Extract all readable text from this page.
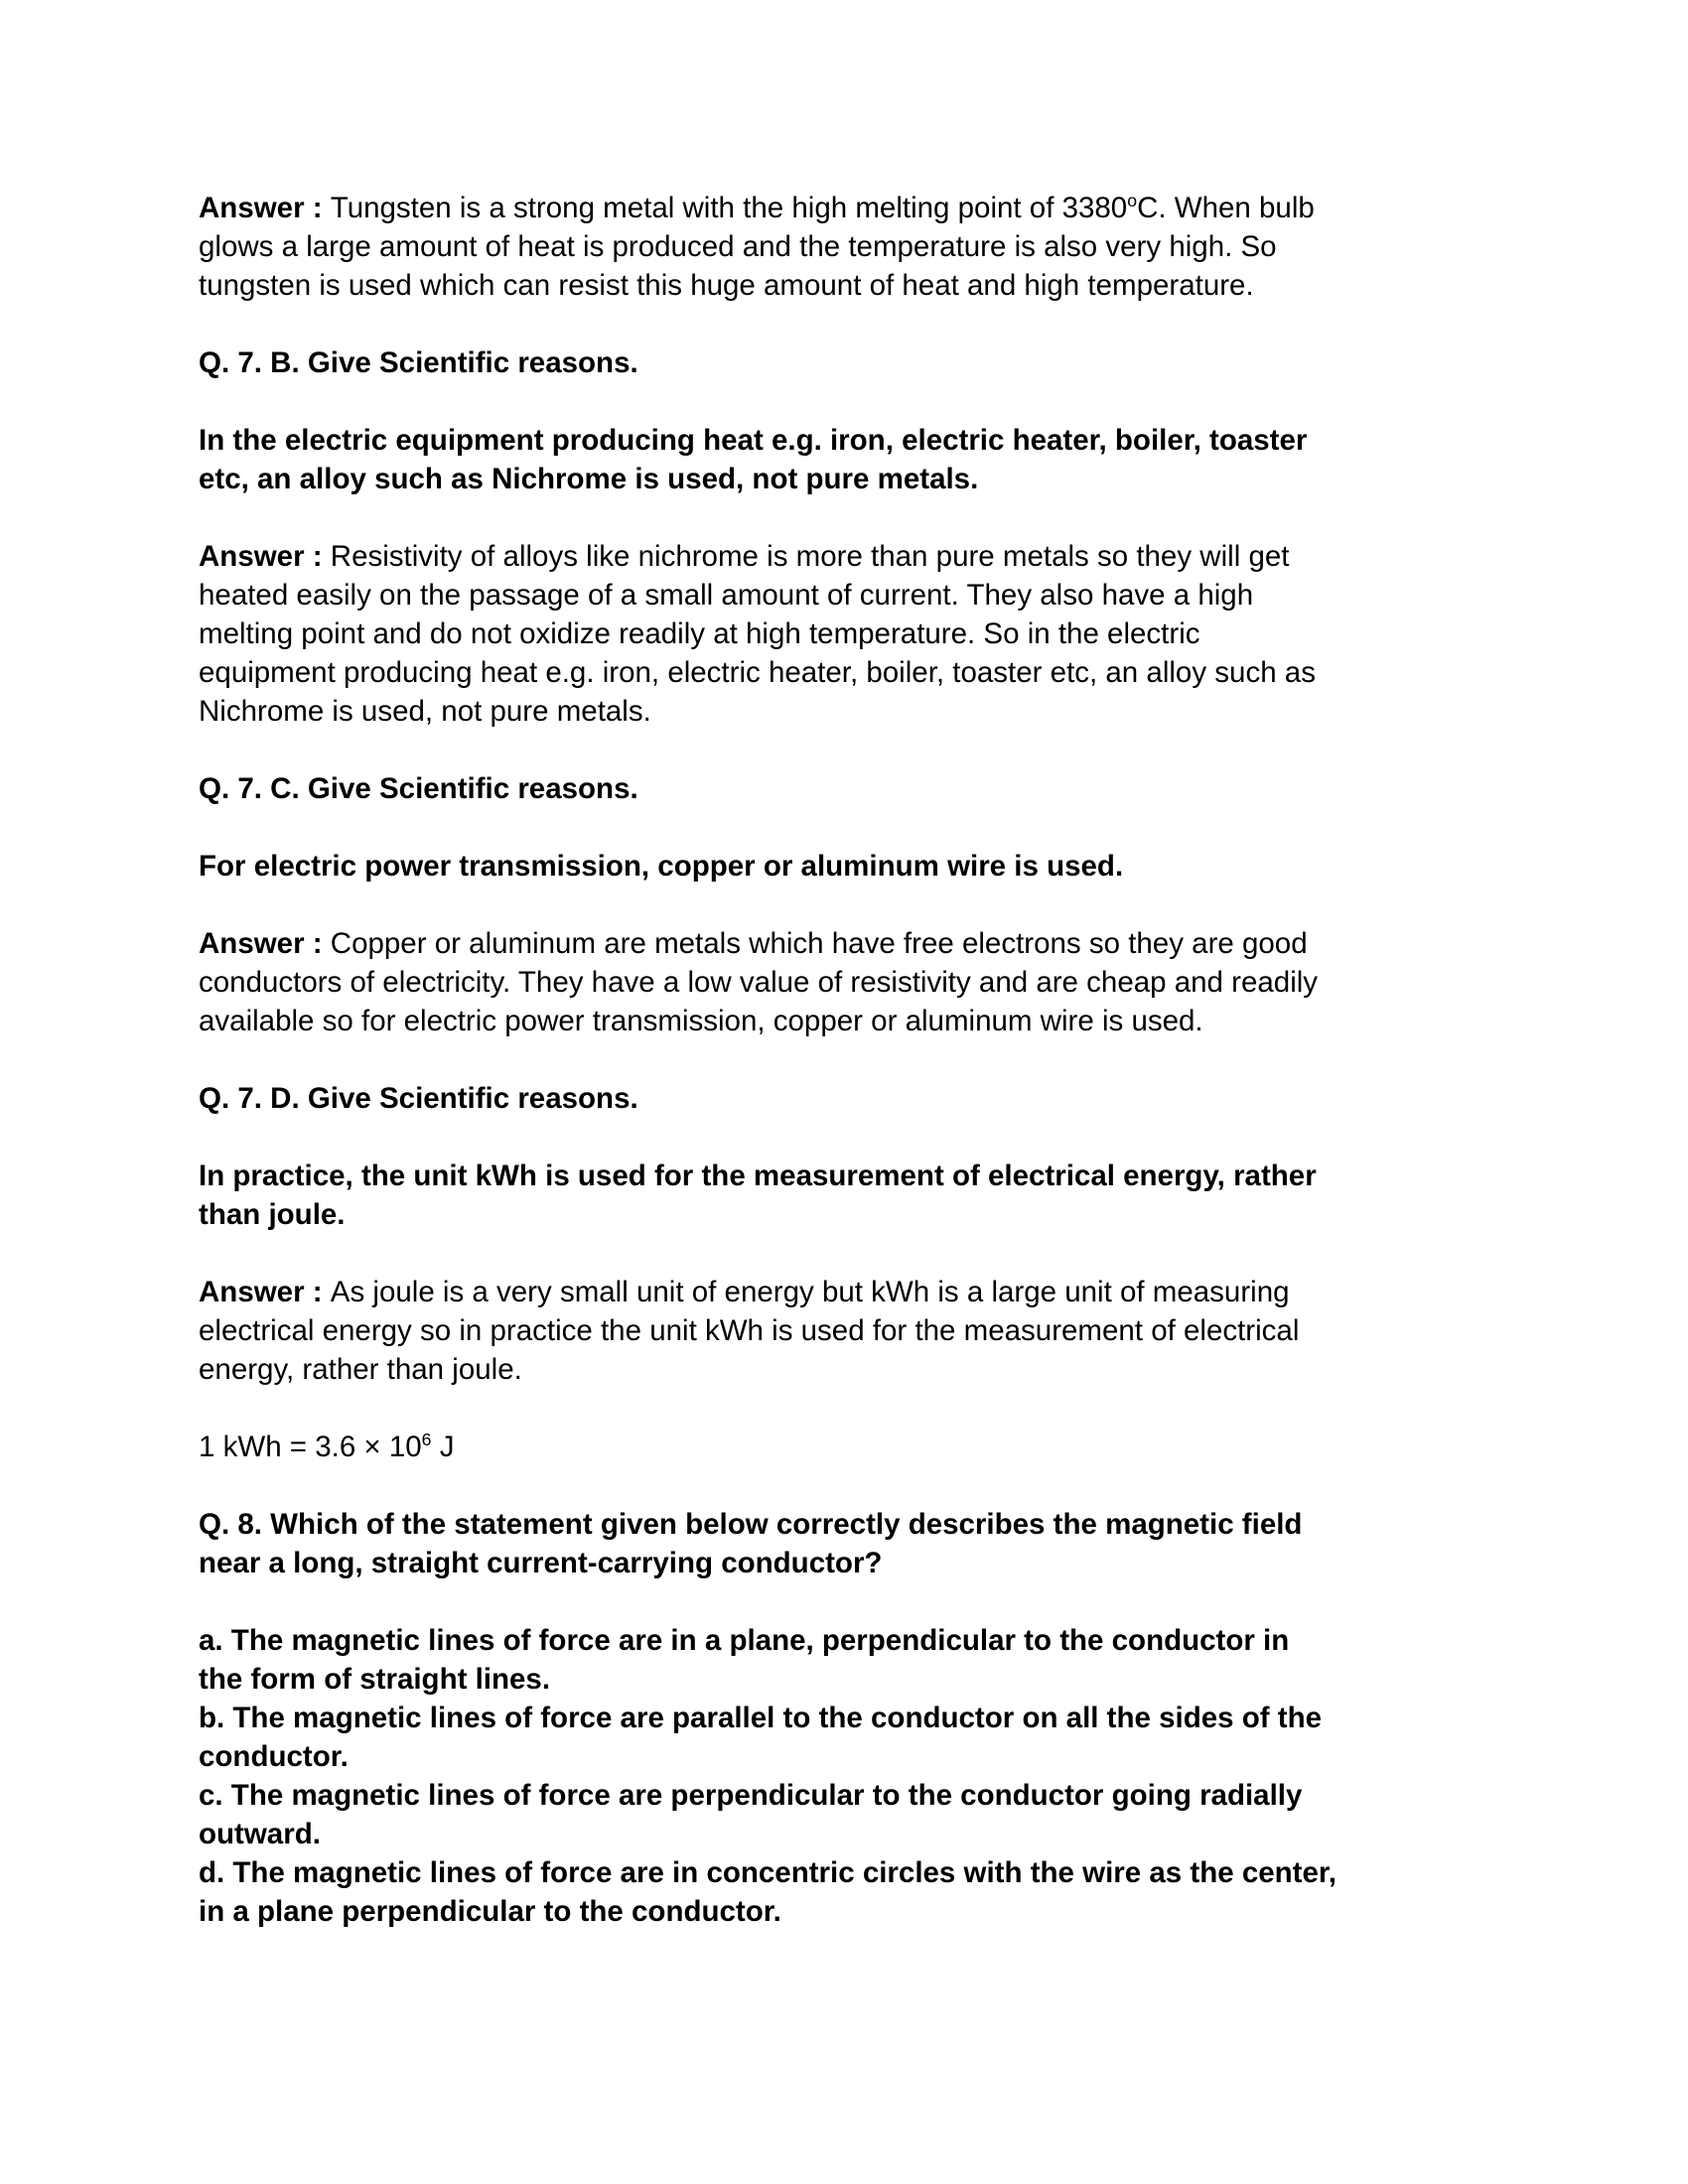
Answer : Tungsten is a strong metal with the high melting point of 3380$^o$C. When bulb
glows a large amount of heat is produced and the temperature is also very high. So
tungsten is used which can resist this huge amount of heat and high temperature.
Q. 7. B. Give Scientific reasons.
In the electric equipment producing heat e.g. iron, electric heater, boiler, toaster
etc, an alloy such as Nichrome is used, not pure metals.
Answer : Resistivity of alloys like nichrome is more than pure metals so they will get
heated easily on the passage of a small amount of current. They also have a high
melting point and do not oxidize readily at high temperature. So in the electric
equipment producing heat e.g. iron, electric heater, boiler, toaster etc, an alloy such as
Nichrome is used, not pure metals.
Q. 7. C. Give Scientific reasons.
For electric power transmission, copper or aluminum wire is used.
Answer : Copper or aluminum are metals which have free electrons so they are good
conductors of electricity. They have a low value of resistivity and are cheap and readily
available so for electric power transmission, copper or aluminum wire is used.
Q. 7. D. Give Scientific reasons.
In practice, the unit kWh is used for the measurement of electrical energy, rather
than joule.
Answer : As joule is a very small unit of energy but kWh is a large unit of measuring
electrical energy so in practice the unit kWh is used for the measurement of electrical
energy, rather than joule.
1 kWh = $3.6 \times 10^6$ J
Q. 8. Which of the statement given below correctly describes the magnetic field
near a long, straight current-carrying conductor?
a. The magnetic lines of force are in a plane, perpendicular to the conductor in
the form of straight lines.
b. The magnetic lines of force are parallel to the conductor on all the sides of the
conductor.
c. The magnetic lines of force are perpendicular to the conductor going radially
outward.
d. The magnetic lines of force are in concentric circles with the wire as the center,
in a plane perpendicular to the conductor.
